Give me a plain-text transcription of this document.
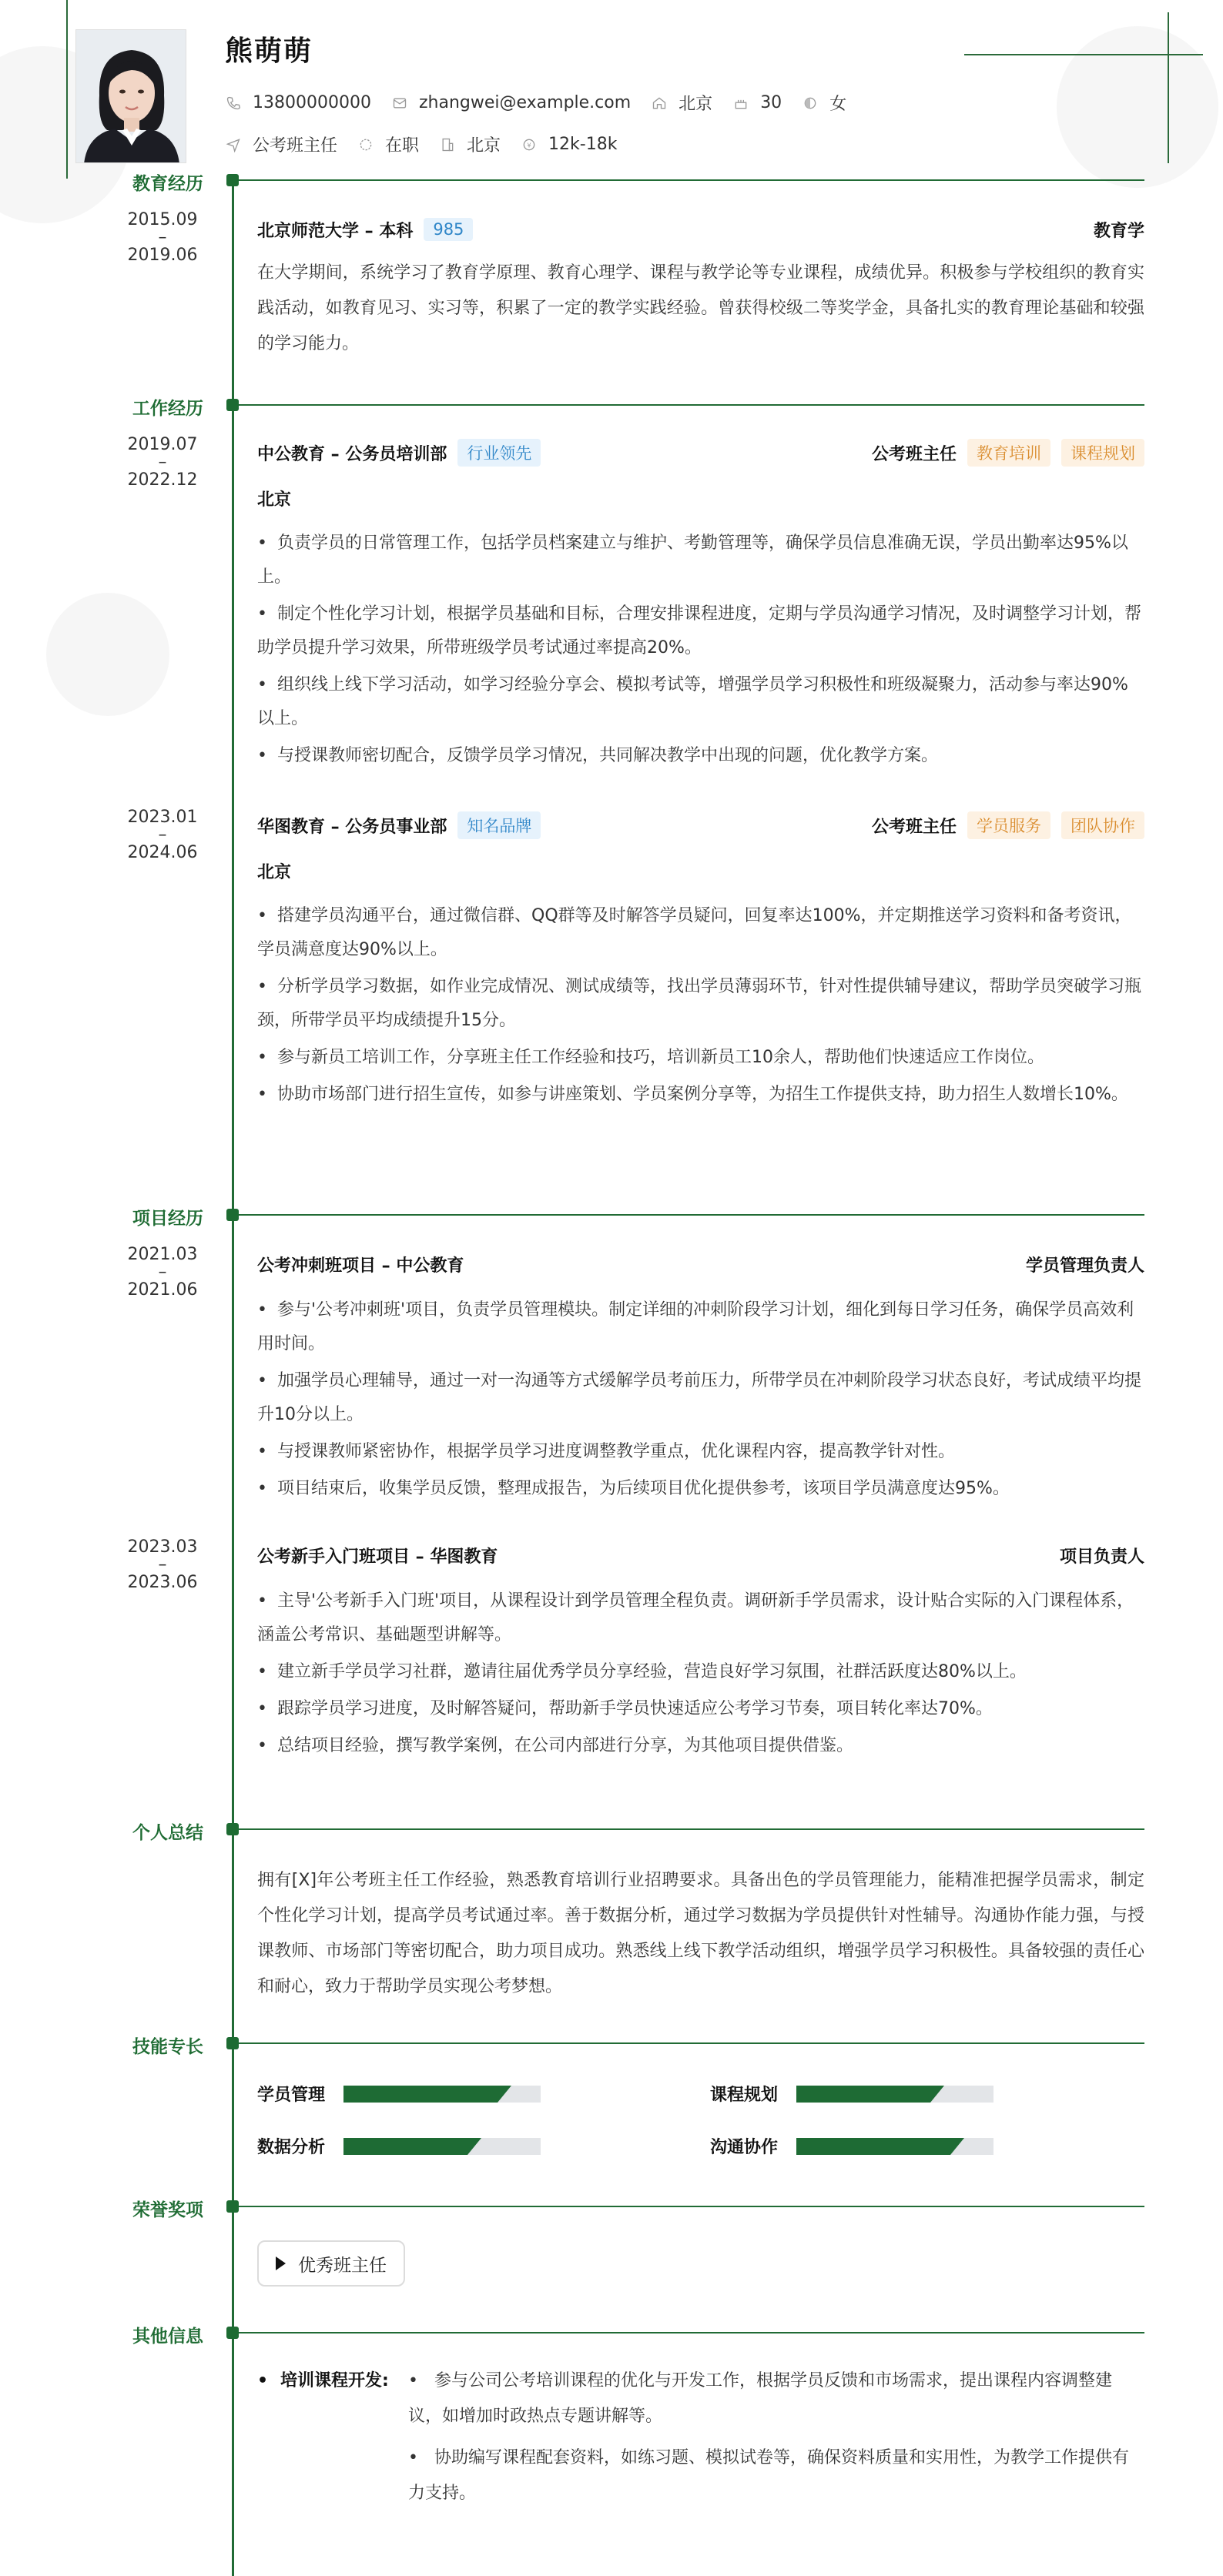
熊萌萌
13800000000	zhangwei@example.com	北京	30	女
公考班主任	在职	北京	¥ 12k-18k
教育经历
2015.09
–
2019.06
北京师范大学 – 本科	985	教育学
在大学期间，系统学习了教育学原理、教育心理学、课程与教学论等专业课程，成绩优异。积极参与学校组织的教育实践活动，如教育见习、实习等，积累了一定的教学实践经验。曾获得校级二等奖学金，具备扎实的教育理论基础和较强的学习能力。
工作经历
2019.07
–
2022.12
中公教育 – 公务员培训部	行业领先	公考班主任	教育培训	课程规划
北京
• 负责学员的日常管理工作，包括学员档案建立与维护、考勤管理等，确保学员信息准确无误，学员出勤率达95%以上。
• 制定个性化学习计划，根据学员基础和目标，合理安排课程进度，定期与学员沟通学习情况，及时调整学习计划，帮助学员提升学习效果，所带班级学员考试通过率提高20%。
• 组织线上线下学习活动，如学习经验分享会、模拟考试等，增强学员学习积极性和班级凝聚力，活动参与率达90%以上。
• 与授课教师密切配合，反馈学员学习情况，共同解决教学中出现的问题，优化教学方案。
2023.01
–
2024.06
华图教育 – 公务员事业部	知名品牌	公考班主任	学员服务	团队协作
北京
• 搭建学员沟通平台，通过微信群、QQ群等及时解答学员疑问，回复率达100%，并定期推送学习资料和备考资讯，学员满意度达90%以上。
• 分析学员学习数据，如作业完成情况、测试成绩等，找出学员薄弱环节，针对性提供辅导建议，帮助学员突破学习瓶颈，所带学员平均成绩提升15分。
• 参与新员工培训工作，分享班主任工作经验和技巧，培训新员工10余人，帮助他们快速适应工作岗位。
• 协助市场部门进行招生宣传，如参与讲座策划、学员案例分享等，为招生工作提供支持，助力招生人数增长10%。
项目经历
2021.03
–
2021.06
公考冲刺班项目 – 中公教育	学员管理负责人
• 参与'公考冲刺班'项目，负责学员管理模块。制定详细的冲刺阶段学习计划，细化到每日学习任务，确保学员高效利用时间。
• 加强学员心理辅导，通过一对一沟通等方式缓解学员考前压力，所带学员在冲刺阶段学习状态良好，考试成绩平均提升10分以上。
• 与授课教师紧密协作，根据学员学习进度调整教学重点，优化课程内容，提高教学针对性。
• 项目结束后，收集学员反馈，整理成报告，为后续项目优化提供参考，该项目学员满意度达95%。
2023.03
–
2023.06
公考新手入门班项目 – 华图教育	项目负责人
• 主导'公考新手入门班'项目，从课程设计到学员管理全程负责。调研新手学员需求，设计贴合实际的入门课程体系，涵盖公考常识、基础题型讲解等。
• 建立新手学员学习社群，邀请往届优秀学员分享经验，营造良好学习氛围，社群活跃度达80%以上。
• 跟踪学员学习进度，及时解答疑问，帮助新手学员快速适应公考学习节奏，项目转化率达70%。
• 总结项目经验，撰写教学案例，在公司内部进行分享，为其他项目提供借鉴。
个人总结
拥有[X]年公考班主任工作经验，熟悉教育培训行业招聘要求。具备出色的学员管理能力，能精准把握学员需求，制定个性化学习计划，提高学员考试通过率。善于数据分析，通过学习数据为学员提供针对性辅导。沟通协作能力强，与授课教师、市场部门等密切配合，助力项目成功。熟悉线上线下教学活动组织，增强学员学习积极性。具备较强的责任心和耐心，致力于帮助学员实现公考梦想。
技能专长
学员管理	课程规划
数据分析	沟通协作
荣誉奖项
优秀班主任
其他信息
• 培训课程开发: • 参与公司公考培训课程的优化与开发工作，根据学员反馈和市场需求，提出课程内容调整建议，如增加时政热点专题讲解等。
• 协助编写课程配套资料，如练习题、模拟试卷等，确保资料质量和实用性，为教学工作提供有力支持。
